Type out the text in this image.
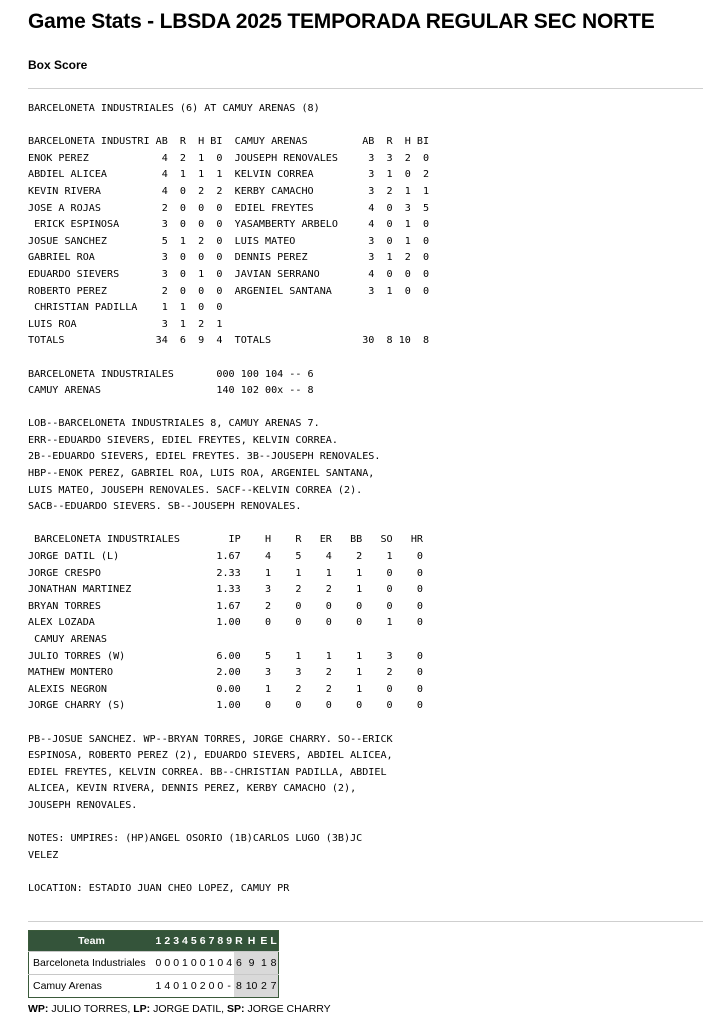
Game Stats - LBSDA 2025 TEMPORADA REGULAR SEC NORTE
Box Score
BARCELONETA INDUSTRIALES (6) AT CAMUY ARENAS (8)

BARCELONETA INDUSTRI AB  R  H BI  CAMUY ARENAS         AB  R  H BI
ENOK PEREZ            4  2  1  0  JOUSEPH RENOVALES     3  3  2  0
ABDIEL ALICEA         4  1  1  1  KELVIN CORREA         3  1  0  2
KEVIN RIVERA          4  0  2  2  KERBY CAMACHO         3  2  1  1
JOSE A ROJAS          2  0  0  0  EDIEL FREYTES         4  0  3  5
ERICK ESPINOSA       3  0  0  0  YASAMBERTY ARBELO     4  0  1  0
JOSUE SANCHEZ         5  1  2  0  LUIS MATEO            3  0  1  0
GABRIEL ROA           3  0  0  0  DENNIS PEREZ          3  1  2  0
EDUARDO SIEVERS       3  0  1  0  JAVIAN SERRANO        4  0  0  0
ROBERTO PEREZ         2  0  0  0  ARGENIEL SANTANA      3  1  0  0
CHRISTIAN PADILLA    1  1  0  0
LUIS ROA              3  1  2  1
TOTALS               34  6  9  4  TOTALS               30  8 10  8

BARCELONETA INDUSTRIALES       000 100 104 -- 6
CAMUY ARENAS                   140 102 00x -- 8

LOB--BARCELONETA INDUSTRIALES 8, CAMUY ARENAS 7.
ERR--EDUARDO SIEVERS, EDIEL FREYTES, KELVIN CORREA.
2B--EDUARDO SIEVERS, EDIEL FREYTES. 3B--JOUSEPH RENOVALES.
HBP--ENOK PEREZ, GABRIEL ROA, LUIS ROA, ARGENIEL SANTANA,
LUIS MATEO, JOUSEPH RENOVALES. SACF--KELVIN CORREA (2).
SACB--EDUARDO SIEVERS. SB--JOUSEPH RENOVALES.

BARCELONETA INDUSTRIALES        IP    H    R   ER   BB   SO   HR
JORGE DATIL (L)                1.67    4    5    4    2    1    0
JORGE CRESPO                   2.33    1    1    1    1    0    0
JONATHAN MARTINEZ              1.33    3    2    2    1    0    0
BRYAN TORRES                   1.67    2    0    0    0    0    0
ALEX LOZADA                    1.00    0    0    0    0    1    0
CAMUY ARENAS
JULIO TORRES (W)               6.00    5    1    1    1    3    0
MATHEW MONTERO                 2.00    3    3    2    1    2    0
ALEXIS NEGRON                  0.00    1    2    2    1    0    0
JORGE CHARRY (S)               1.00    0    0    0    0    0    0

PB--JOSUE SANCHEZ. WP--BRYAN TORRES, JORGE CHARRY. SO--ERICK
ESPINOSA, ROBERTO PEREZ (2), EDUARDO SIEVERS, ABDIEL ALICEA,
EDIEL FREYTES, KELVIN CORREA. BB--CHRISTIAN PADILLA, ABDIEL
ALICEA, KEVIN RIVERA, DENNIS PEREZ, KERBY CAMACHO (2),
JOUSEPH RENOVALES.

NOTES: UMPIRES: (HP)ANGEL OSORIO (1B)CARLOS LUGO (3B)JC
VELEZ

LOCATION: ESTADIO JUAN CHEO LOPEZ, CAMUY PR
Team	1	2	3	4	5	6	7	8	9	R	H	E	L
Barceloneta Industriales	0	0	0	1	0	0	1	0	4	6	9	1	8
Camuy Arenas	1	4	0	1	0	2	0	0	-	8	10	2	7
WP: JULIO TORRES, LP: JORGE DATIL, SP: JORGE CHARRY
